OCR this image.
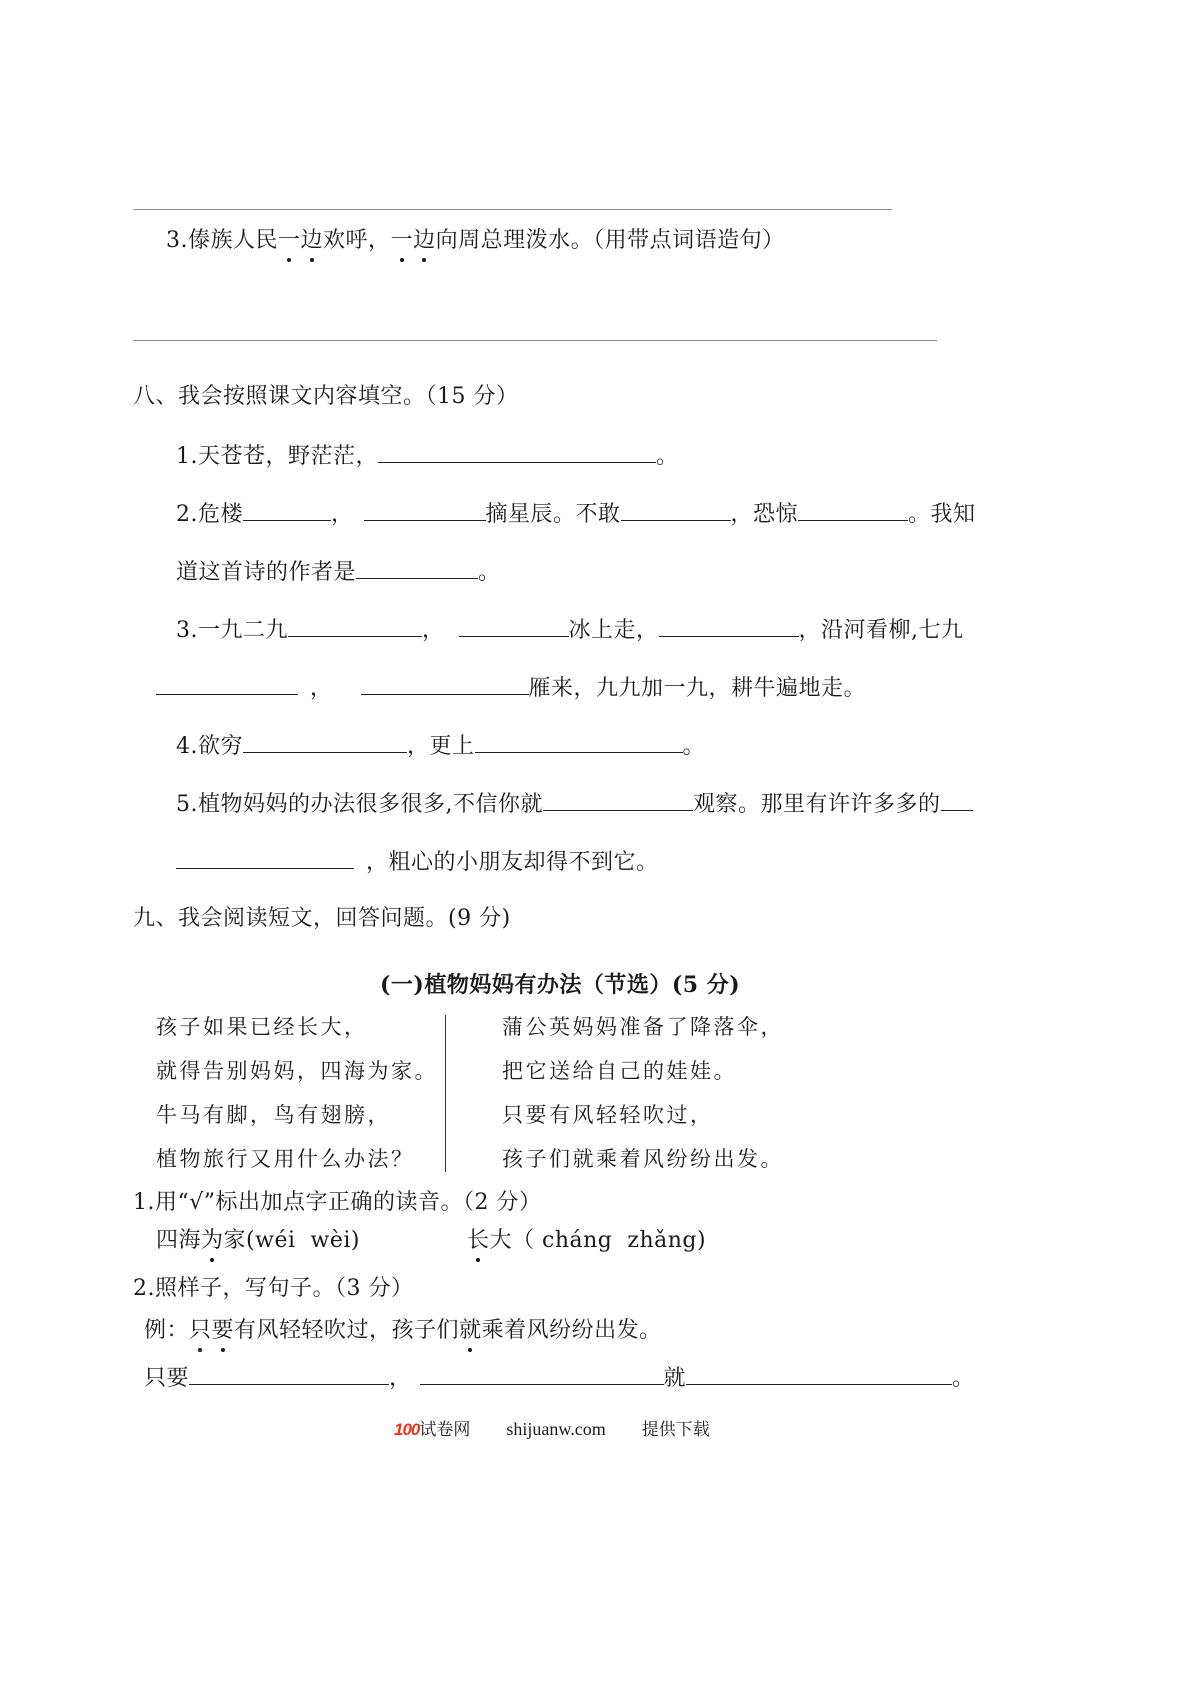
3.傣族人民一边欢呼，一边向周总理泼水。（用带点词语造句）
八、我会按照课文内容填空。（15 分）
1.天苍苍，野茫茫，	。
2.危楼	，	摘星辰。不敢	，恐惊	。我知
道这首诗的作者是	。
3.一九二九	，	冰上走，	，沿河看柳,七九
，	雁来，九九加一九，耕牛遍地走。
4.欲穷	，更上	。
5.植物妈妈的办法很多很多,不信你就	观察。那里有许许多多的
，粗心的小朋友却得不到它。
九、我会阅读短文，回答问题。(9 分)
(一)植物妈妈有办法（节选）(5 分)
孩子如果已经长大，
就得告别妈妈，四海为家。
牛马有脚，鸟有翅膀，
植物旅行又用什么办法？
蒲公英妈妈准备了降落伞，
把它送给自己的娃娃。
只要有风轻轻吹过，
孩子们就乘着风纷纷出发。
1.用“√”标出加点字正确的读音。（2 分）
四海为家(wéi  wèi)	长大（ cháng  zhǎng)
2.照样子，写句子。（3 分）
例：只要有风轻轻吹过，孩子们就乘着风纷纷出发。
只要	，	就	。
100试卷网 shijuanw.com 提供下载
